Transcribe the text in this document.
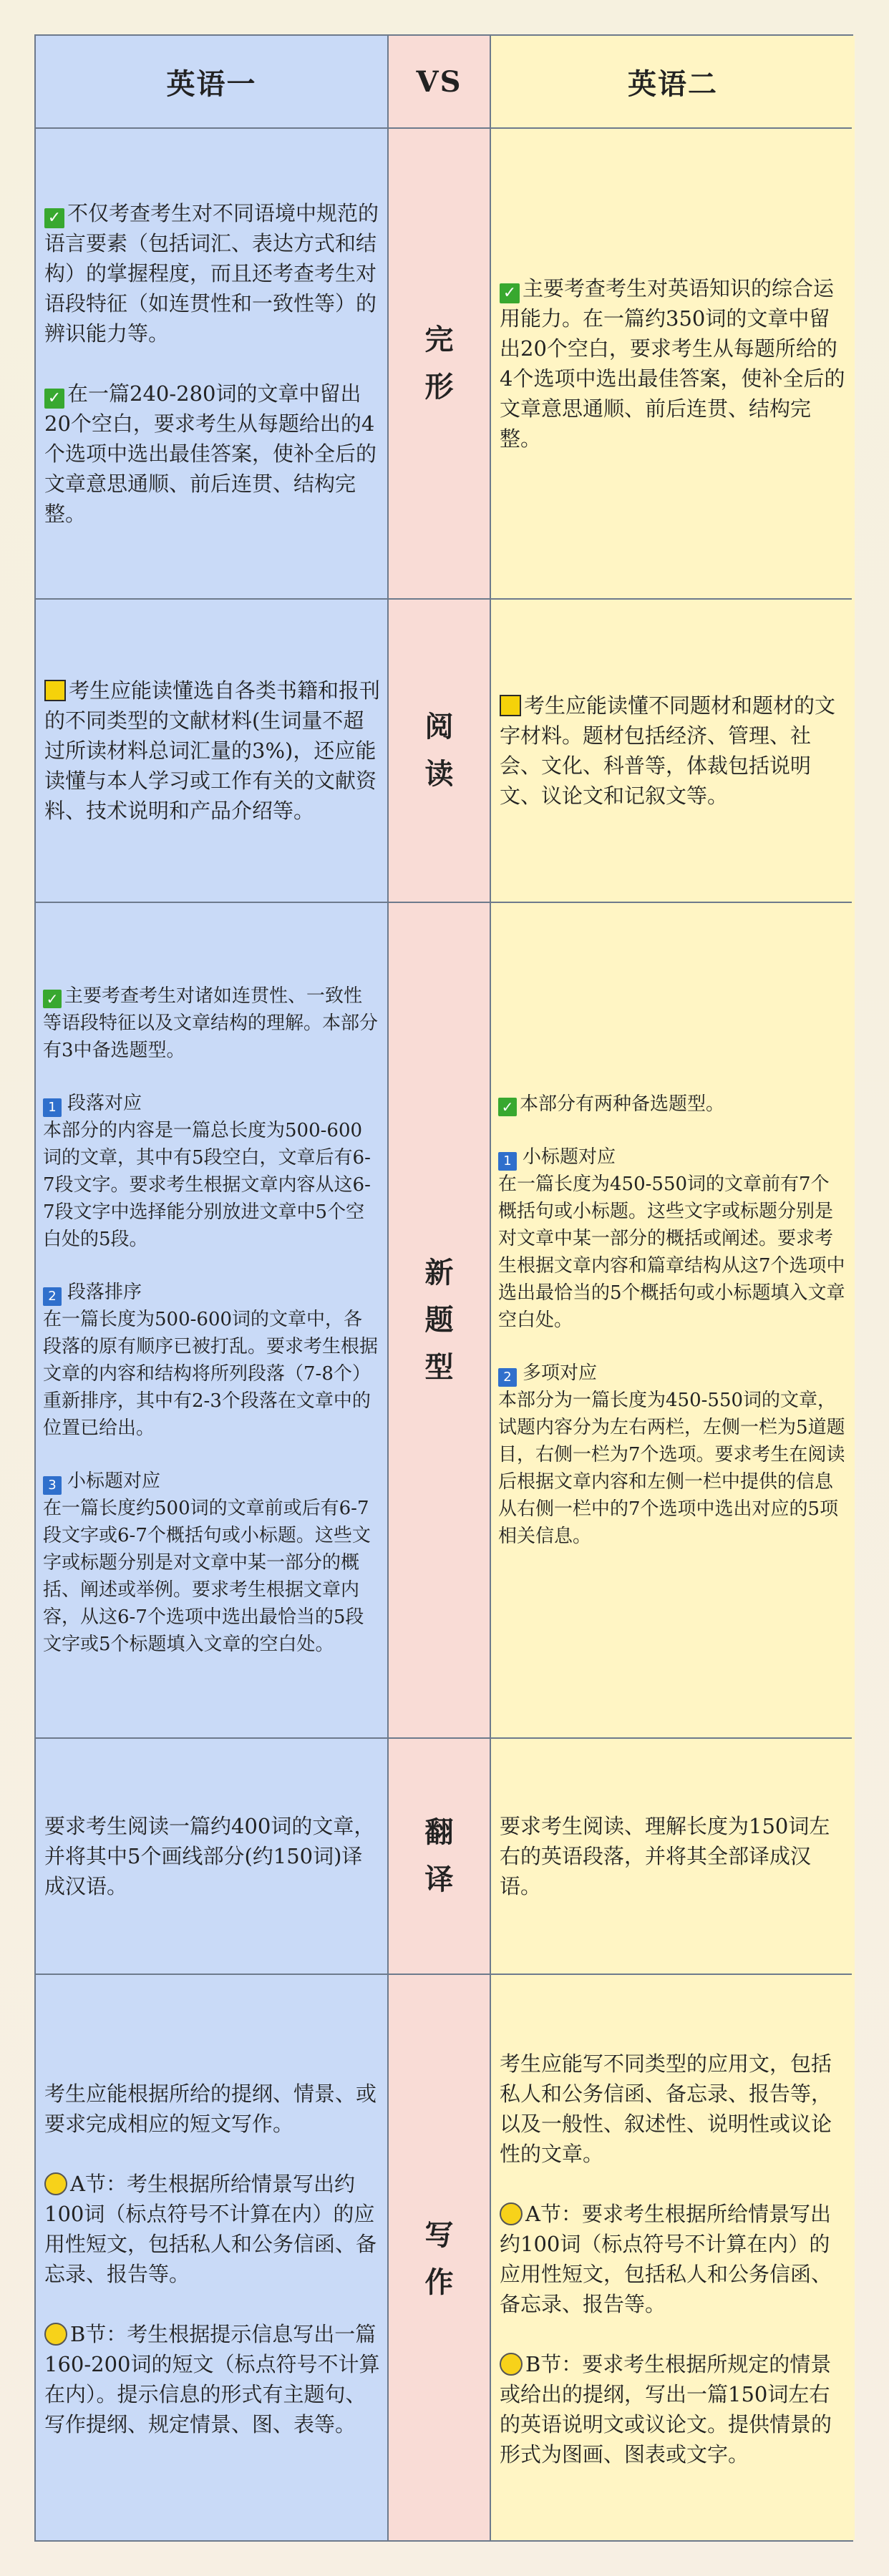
英语一	VS	英语二

✓ 不仅考查考生对不同语境中规范的语言要素（包括词汇、表达方式和结构）的掌握程度，而且还考查考生对语段特征（如连贯性和一致性等）的辨识能力等。

✓ 在一篇240-280词的文章中留出20个空白，要求考生从每题给出的4个选项中选出最佳答案，使补全后的文章意思通顺、前后连贯、结构完整。

完
形

✓ 主要考查考生对英语知识的综合运用能力。在一篇约350词的文章中留出20个空白，要求考生从每题所给的4个选项中选出最佳答案，使补全后的文章意思通顺、前后连贯、结构完整。

考生应能读懂选自各类书籍和报刊的不同类型的文献材料(生词量不超过所读材料总词汇量的3%)，还应能读懂与本人学习或工作有关的文献资料、技术说明和产品介绍等。

阅
读

考生应能读懂不同题材和题材的文字材料。题材包括经济、管理、社会、文化、科普等，体裁包括说明文、议论文和记叙文等。

✓ 主要考查考生对诸如连贯性、一致性等语段特征以及文章结构的理解。本部分有3中备选题型。

1 段落对应

本部分的内容是一篇总长度为500-600词的文章，其中有5段空白，文章后有6-7段文字。要求考生根据文章内容从这6-7段文字中选择能分别放进文章中5个空白处的5段。

2 段落排序

在一篇长度为500-600词的文章中，各段落的原有顺序已被打乱。要求考生根据文章的内容和结构将所列段落（7-8个）重新排序，其中有2-3个段落在文章中的位置已给出。

3 小标题对应

在一篇长度约500词的文章前或后有6-7段文字或6-7个概括句或小标题。这些文字或标题分别是对文章中某一部分的概括、阐述或举例。要求考生根据文章内容，从这6-7个选项中选出最恰当的5段文字或5个标题填入文章的空白处。

新
题
型

✓ 本部分有两种备选题型。

1 小标题对应

在一篇长度为450-550词的文章前有7个概括句或小标题。这些文字或标题分别是对文章中某一部分的概括或阐述。要求考生根据文章内容和篇章结构从这7个选项中选出最恰当的5个概括句或小标题填入文章空白处。

2 多项对应

本部分为一篇长度为450-550词的文章，试题内容分为左右两栏，左侧一栏为5道题目，右侧一栏为7个选项。要求考生在阅读后根据文章内容和左侧一栏中提供的信息从右侧一栏中的7个选项中选出对应的5项相关信息。

要求考生阅读一篇约400词的文章，并将其中5个画线部分(约150词)译成汉语。

翻
译

要求考生阅读、理解长度为150词左右的英语段落，并将其全部译成汉语。

考生应能根据所给的提纲、情景、或要求完成相应的短文写作。

A节：考生根据所给情景写出约100词（标点符号不计算在内）的应用性短文，包括私人和公务信函、备忘录、报告等。

B节：考生根据提示信息写出一篇160-200词的短文（标点符号不计算在内）。提示信息的形式有主题句、写作提纲、规定情景、图、表等。

写
作

考生应能写不同类型的应用文，包括私人和公务信函、备忘录、报告等，以及一般性、叙述性、说明性或议论性的文章。

A节：要求考生根据所给情景写出约100词（标点符号不计算在内）的应用性短文，包括私人和公务信函、备忘录、报告等。

B节：要求考生根据所规定的情景或给出的提纲，写出一篇150词左右的英语说明文或议论文。提供情景的形式为图画、图表或文字。
